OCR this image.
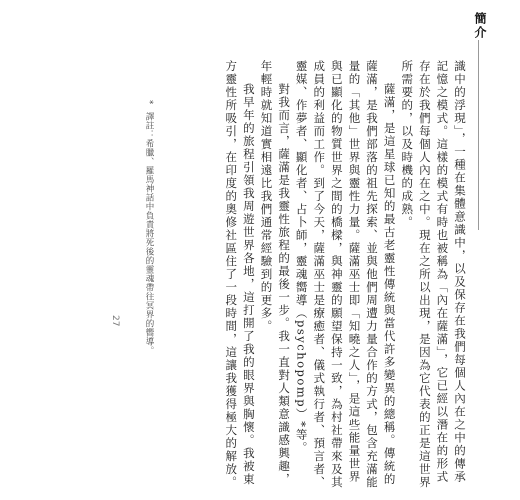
簡介

識中的浮現」，一種在集體意識中，以及保存在我們每個人內在之中的傳承記憶之模式。這樣的模式有時也被稱為「內在薩滿」，它已經以潛在的形式存在於我們每個人內在之中。現在之所以出現，是因為它代表的正是這世界所需要的，以及時機的成熟。

薩滿，是這星球已知的最古老靈性傳統與當代許多變異的總稱。傳統的薩滿，是我們部落的祖先探索、並與他們周遭力量合作的方式，包含充滿能量的「其他」世界與靈性力量。薩滿巫士即「知曉之人」，是這些能量世界與已顯化的物質世界之間的橋樑，與神靈的願望保持一致，為村社帶來及其成員的利益而工作。到了今天，薩滿巫士是療癒者、儀式執行者、預言者、靈媒、作夢者、顯化者、占卜師，靈魂嚮導（psychopomp）*等。

對我而言，薩滿是我靈性旅程的最後一步。我一直對人類意識感興趣，年輕時就知道實相遠比我們通常經驗到的更多。

我早年的旅程引領我周遊世界各地，這打開了我的眼界與胸懷。我被東方靈性所吸引，在印度的奧修社區住了一段時間，這讓我獲得極大的解放。

* 譯註：希臘、羅馬神話中負責將死後的靈魂帶往冥界的嚮導。
27
